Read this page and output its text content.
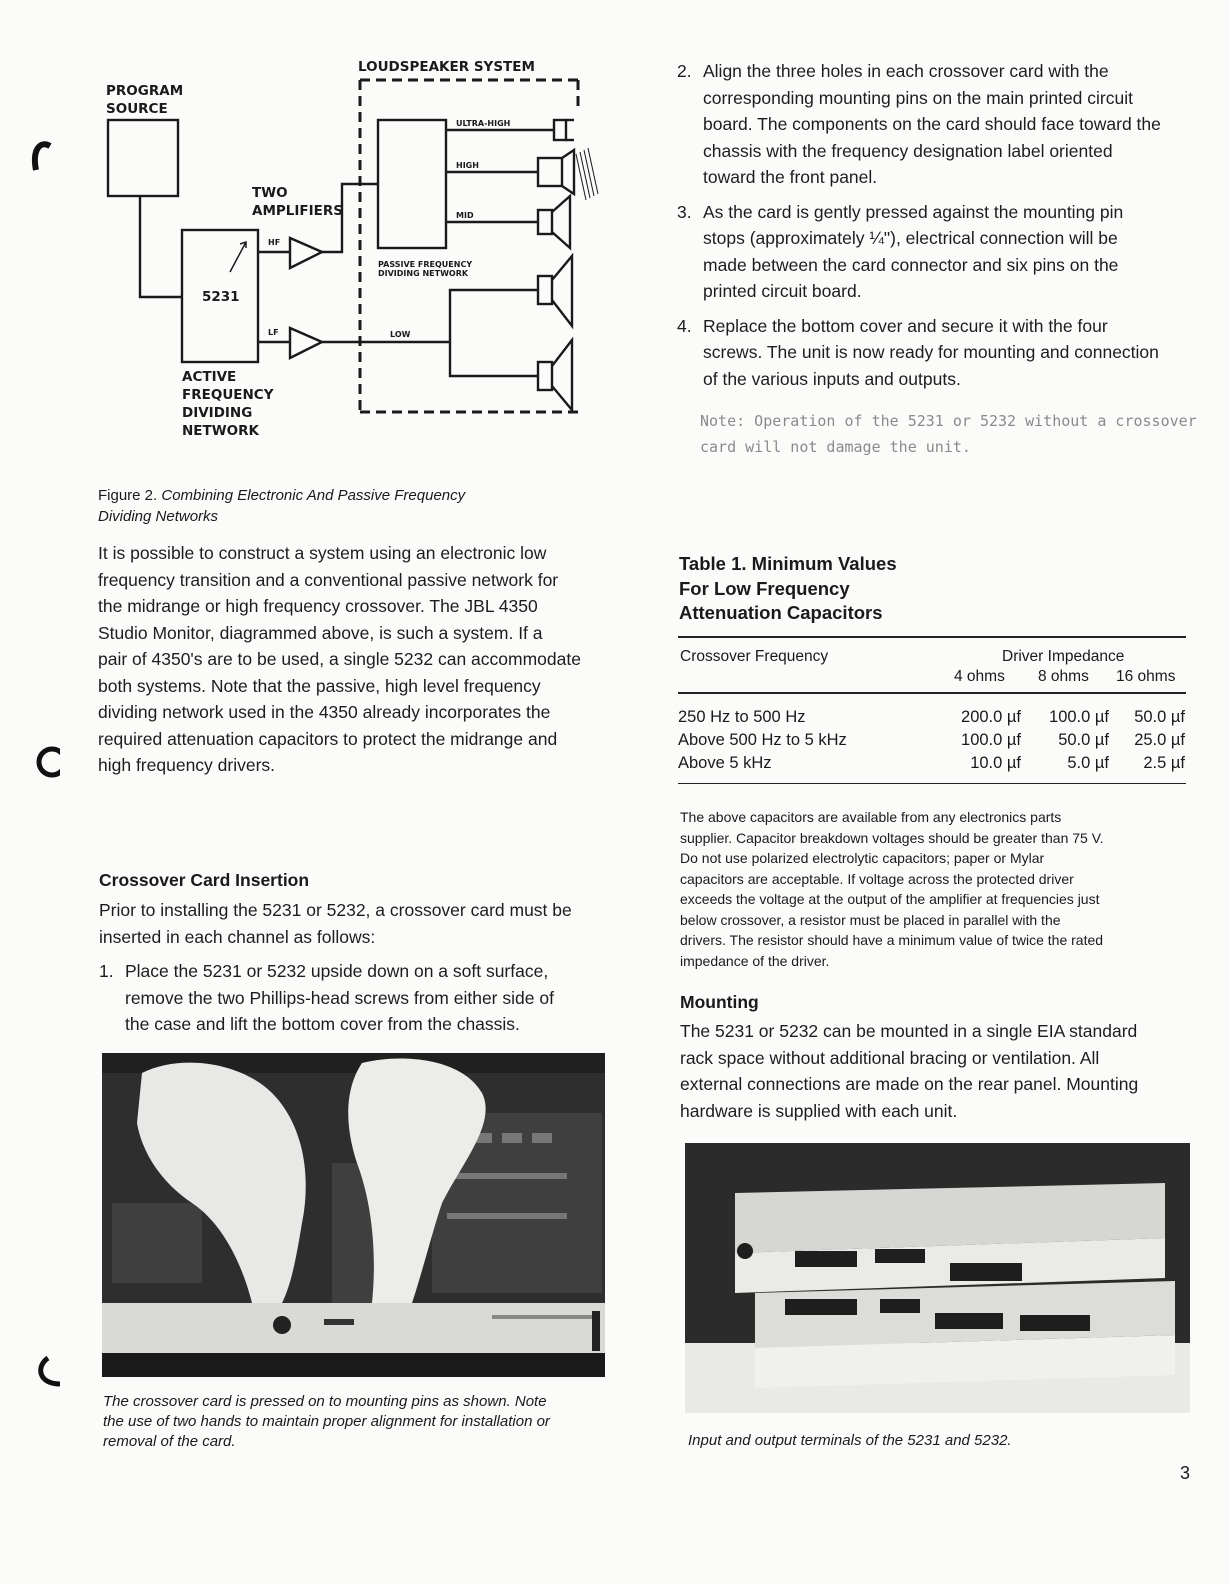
LOUDSPEAKER SYSTEM
PROGRAM
SOURCE
TWO
AMPLIFIERS
HF
LF
5231
ACTIVE
FREQUENCY
DIVIDING
NETWORK
PASSIVE FREQUENCY
DIVIDING NETWORK
ULTRA-HIGH
HIGH
MID
LOW
Figure 2. Combining Electronic And Passive Frequency
Dividing Networks
It is possible to construct a system using an electronic low
frequency transition and a conventional passive network for
the midrange or high frequency crossover. The JBL 4350
Studio Monitor, diagrammed above, is such a system. If a
pair of 4350's are to be used, a single 5232 can accommodate
both systems. Note that the passive, high level frequency
dividing network used in the 4350 already incorporates the
required attenuation capacitors to protect the midrange and
high frequency drivers.
Crossover Card Insertion
Prior to installing the 5231 or 5232, a crossover card must be
inserted in each channel as follows:
1. Place the 5231 or 5232 upside down on a soft surface,
remove the two Phillips-head screws from either side of
the case and lift the bottom cover from the chassis.
The crossover card is pressed on to mounting pins as shown. Note
the use of two hands to maintain proper alignment for installation or
removal of the card.
2. Align the three holes in each crossover card with the
corresponding mounting pins on the main printed circuit
board. The components on the card should face toward the
chassis with the frequency designation label oriented
toward the front panel.
3. As the card is gently pressed against the mounting pin
stops (approximately ¼"), electrical connection will be
made between the card connector and six pins on the
printed circuit board.
4. Replace the bottom cover and secure it with the four
screws. The unit is now ready for mounting and connection
of the various inputs and outputs.
Note: Operation of the 5231 or 5232 without a crossover
card will not damage the unit.
Table 1. Minimum Values
For Low Frequency
Attenuation Capacitors
Crossover Frequency	Driver Impedance
4 ohms 8 ohms 16 ohms
250 Hz to 500 Hz	200.0 µf	100.0 µf	50.0 µf
Above 500 Hz to 5 kHz	100.0 µf	50.0 µf	25.0 µf
Above 5 kHz	10.0 µf	5.0 µf	2.5 µf
The above capacitors are available from any electronics parts
supplier. Capacitor breakdown voltages should be greater than 75 V.
Do not use polarized electrolytic capacitors; paper or Mylar
capacitors are acceptable. If voltage across the protected driver
exceeds the voltage at the output of the amplifier at frequencies just
below crossover, a resistor must be placed in parallel with the
drivers. The resistor should have a minimum value of twice the rated
impedance of the driver.
Mounting
The 5231 or 5232 can be mounted in a single EIA standard
rack space without additional bracing or ventilation. All
external connections are made on the rear panel. Mounting
hardware is supplied with each unit.
Input and output terminals of the 5231 and 5232.
3
